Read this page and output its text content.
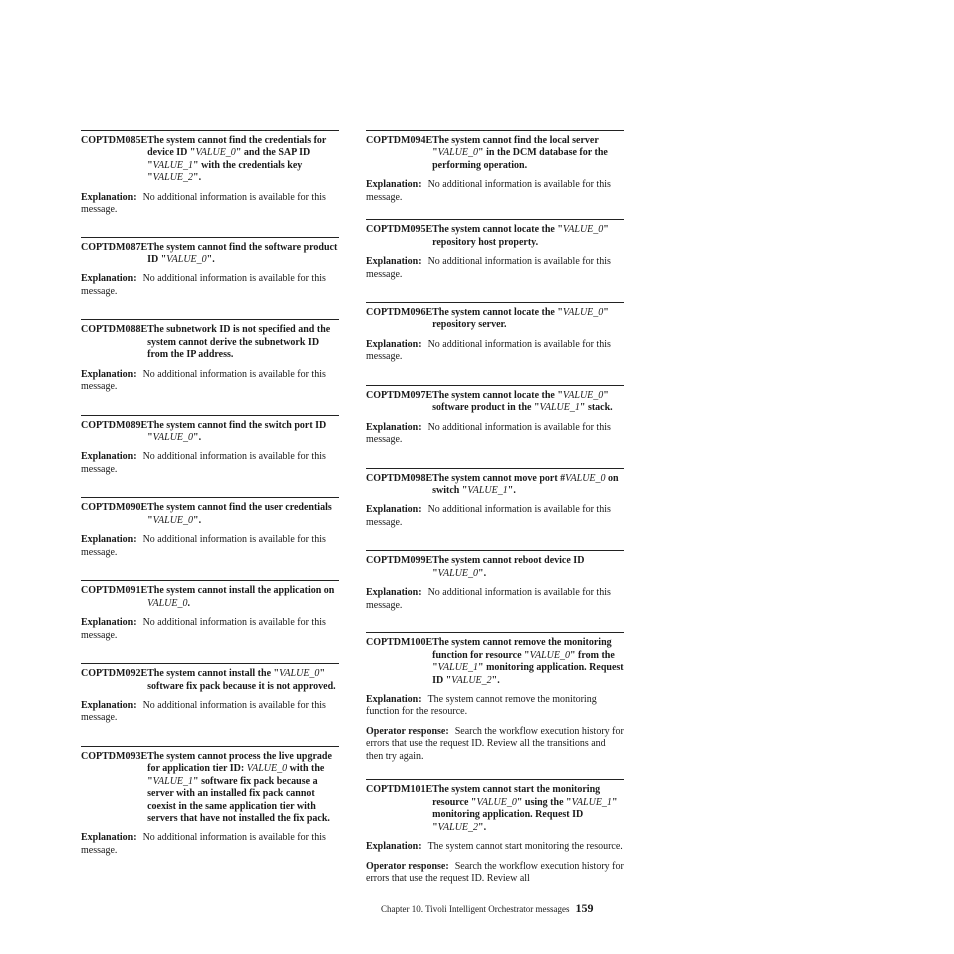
COPTDM085E The system cannot find the credentials for device ID "VALUE_0" and the SAP ID "VALUE_1" with the credentials key "VALUE_2".
Explanation: No additional information is available for this message.
COPTDM087E The system cannot find the software product ID "VALUE_0".
Explanation: No additional information is available for this message.
COPTDM088E The subnetwork ID is not specified and the system cannot derive the subnetwork ID from the IP address.
Explanation: No additional information is available for this message.
COPTDM089E The system cannot find the switch port ID "VALUE_0".
Explanation: No additional information is available for this message.
COPTDM090E The system cannot find the user credentials "VALUE_0".
Explanation: No additional information is available for this message.
COPTDM091E The system cannot install the application on VALUE_0.
Explanation: No additional information is available for this message.
COPTDM092E The system cannot install the "VALUE_0" software fix pack because it is not approved.
Explanation: No additional information is available for this message.
COPTDM093E The system cannot process the live upgrade for application tier ID: VALUE_0 with the "VALUE_1" software fix pack because a server with an installed fix pack cannot coexist in the same application tier with servers that have not installed the fix pack.
Explanation: No additional information is available for this message.
COPTDM094E The system cannot find the local server "VALUE_0" in the DCM database for the performing operation.
Explanation: No additional information is available for this message.
COPTDM095E The system cannot locate the "VALUE_0" repository host property.
Explanation: No additional information is available for this message.
COPTDM096E The system cannot locate the "VALUE_0" repository server.
Explanation: No additional information is available for this message.
COPTDM097E The system cannot locate the "VALUE_0" software product in the "VALUE_1" stack.
Explanation: No additional information is available for this message.
COPTDM098E The system cannot move port #VALUE_0 on switch "VALUE_1".
Explanation: No additional information is available for this message.
COPTDM099E The system cannot reboot device ID "VALUE_0".
Explanation: No additional information is available for this message.
COPTDM100E The system cannot remove the monitoring function for resource "VALUE_0" from the "VALUE_1" monitoring application. Request ID "VALUE_2".
Explanation: The system cannot remove the monitoring function for the resource.
Operator response: Search the workflow execution history for errors that use the request ID. Review all the transitions and then try again.
COPTDM101E The system cannot start the monitoring resource "VALUE_0" using the "VALUE_1" monitoring application. Request ID "VALUE_2".
Explanation: The system cannot start monitoring the resource.
Operator response: Search the workflow execution history for errors that use the request ID. Review all
Chapter 10. Tivoli Intelligent Orchestrator messages 159
